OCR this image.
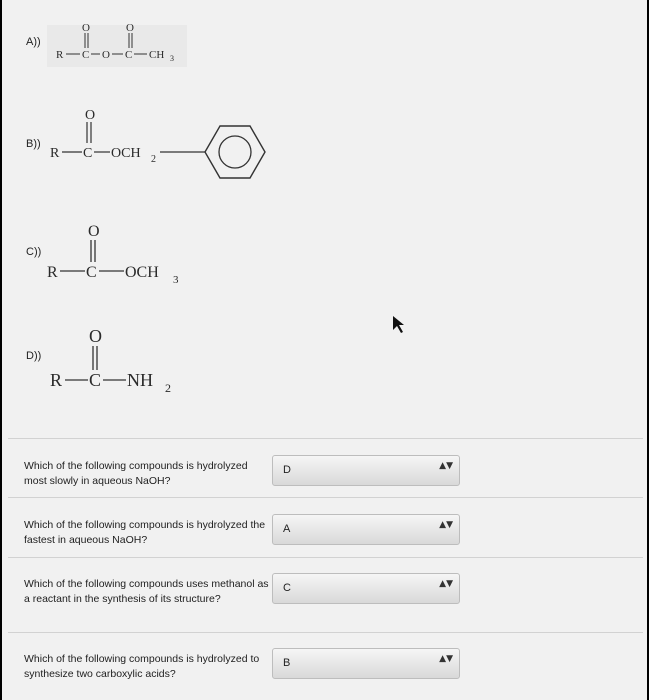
O	O
R C O C CH 3
O
R C OCH 2
O
R C OCH 3
O
R C NH 2
A))
B))
C))
D))
Which of the following compounds is hydrolyzed most slowly in aqueous NaOH?
D	▲▼
Which of the following compounds is hydrolyzed the fastest in aqueous NaOH?
A	▲▼
Which of the following compounds uses methanol as a reactant in the synthesis of its structure?
C	▲▼
Which of the following compounds is hydrolyzed to synthesize two carboxylic acids?
B	▲▼
